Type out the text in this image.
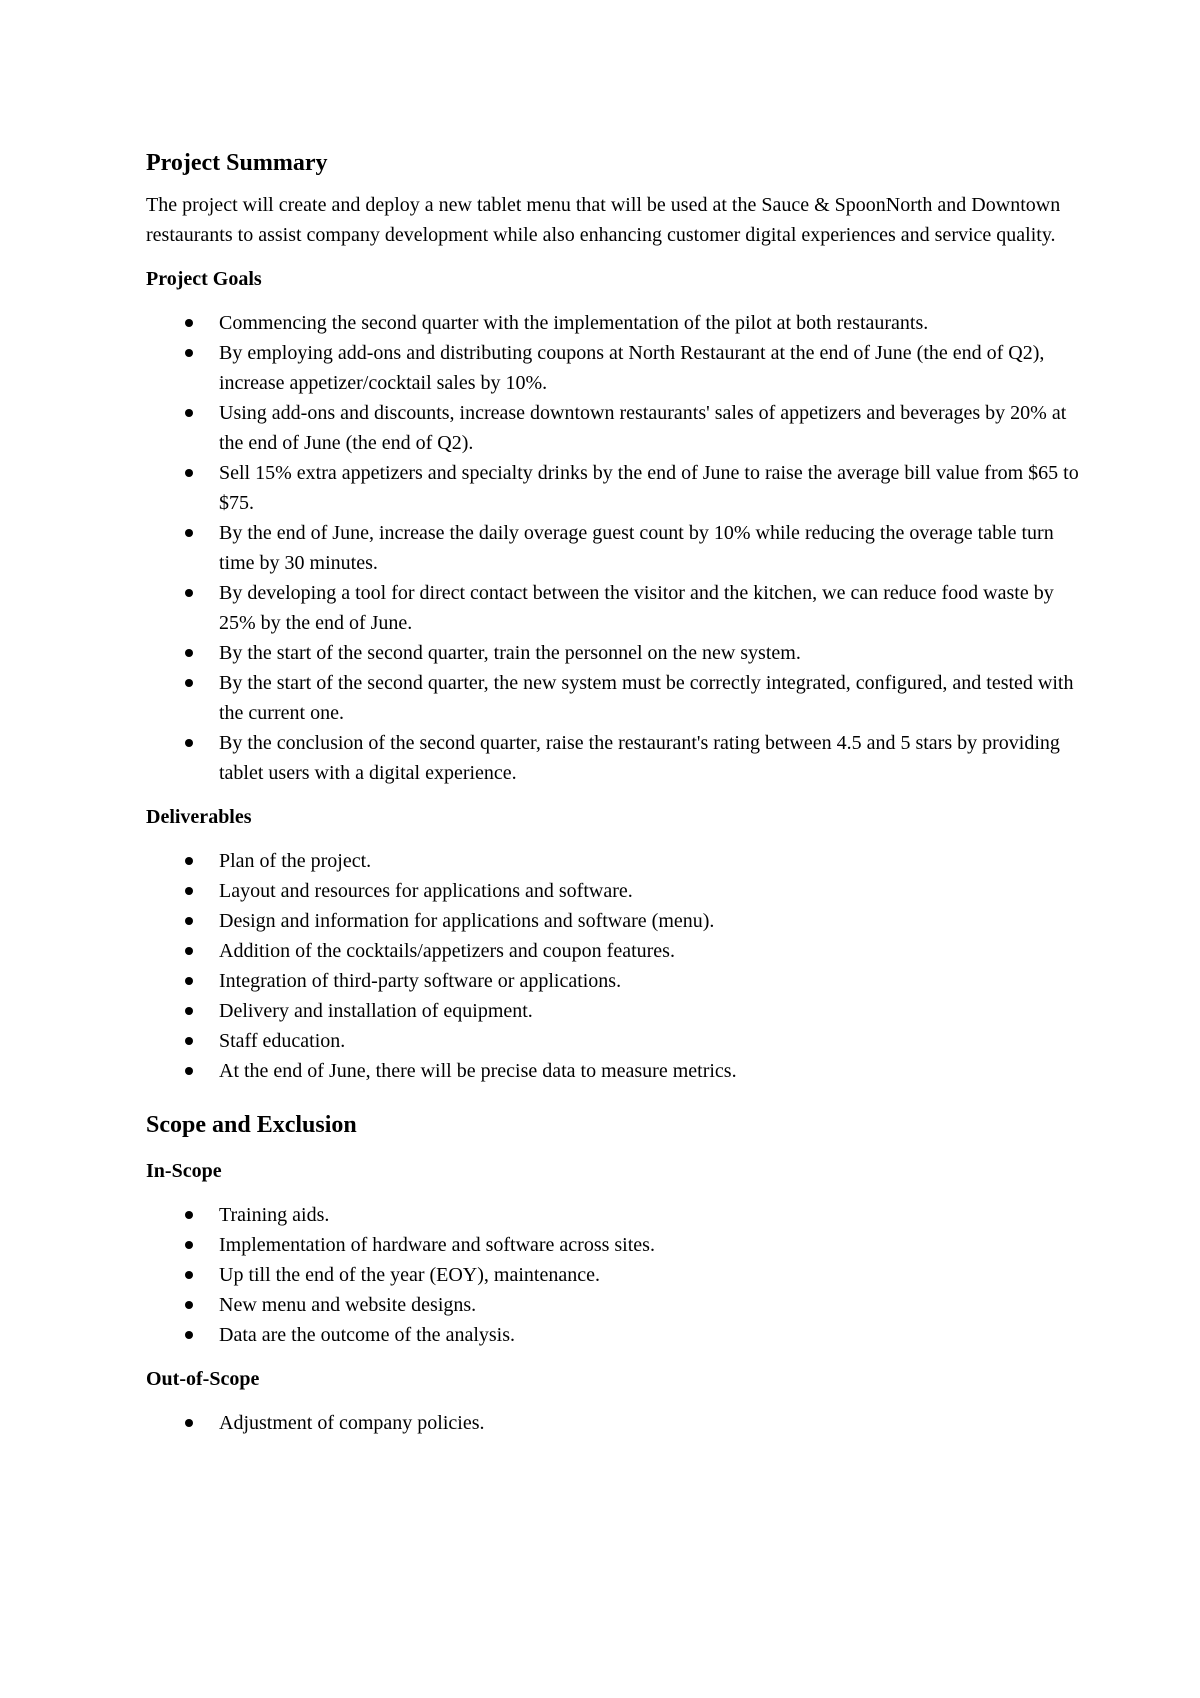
Project Summary

The project will create and deploy a new tablet menu that will be used at the Sauce & SpoonNorth and Downtown restaurants to assist company development while also enhancing customer digital experiences and service quality.

Project Goals
Commencing the second quarter with the implementation of the pilot at both restaurants.
By employing add-ons and distributing coupons at North Restaurant at the end of June (the end of Q2), increase appetizer/cocktail sales by 10%.
Using add-ons and discounts, increase downtown restaurants' sales of appetizers and beverages by 20% at the end of June (the end of Q2).
Sell 15% extra appetizers and specialty drinks by the end of June to raise the average bill value from $65 to $75.
By the end of June, increase the daily overage guest count by 10% while reducing the overage table turn time by 30 minutes.
By developing a tool for direct contact between the visitor and the kitchen, we can reduce food waste by 25% by the end of June.
By the start of the second quarter, train the personnel on the new system.
By the start of the second quarter, the new system must be correctly integrated, configured, and tested with the current one.
By the conclusion of the second quarter, raise the restaurant's rating between 4.5 and 5 stars by providing tablet users with a digital experience.
Deliverables
Plan of the project.
Layout and resources for applications and software.
Design and information for applications and software (menu).
Addition of the cocktails/appetizers and coupon features.
Integration of third-party software or applications.
Delivery and installation of equipment.
Staff education.
At the end of June, there will be precise data to measure metrics.
Scope and Exclusion
In-Scope
Training aids.
Implementation of hardware and software across sites.
Up till the end of the year (EOY), maintenance.
New menu and website designs.
Data are the outcome of the analysis.
Out-of-Scope
Adjustment of company policies.
